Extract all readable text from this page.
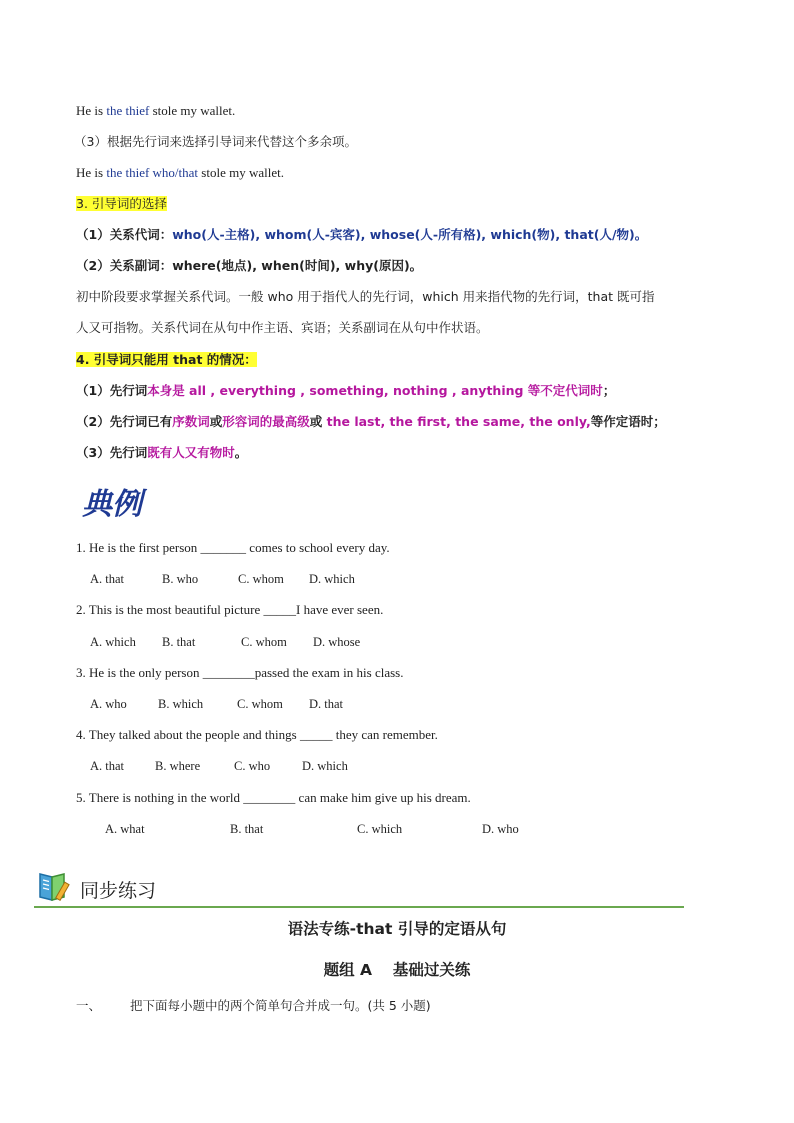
He is the thief stole my wallet.
（3）根据先行词来选择引导词来代替这个多余项。
He is the thief who/that stole my wallet.
3. 引导词的选择
（1）关系代词：who(人-主格), whom(人-宾客), whose(人-所有格), which(物), that(人/物)。
（2）关系副词：where(地点), when(时间), why(原因)。
初中阶段要求掌握关系代词。一般 who 用于指代人的先行词，which 用来指代物的先行词，that 既可指
人又可指物。关系代词在从句中作主语、宾语；关系副词在从句中作状语。
4. 引导词只能用 that 的情况：
（1）先行词本身是 all , everything , something, nothing , anything 等不定代词时；
（2）先行词已有序数词或形容词的最高级或 the last, the first, the same, the only,等作定语时；
（3）先行词既有人又有物时。
典例
1. He is the first person _______ comes to school every day.
A. that	B. who	C. whom D. which
2. This is the most beautiful picture _____I have ever seen.
A. which B. that	C. whom D. whose
3. He is the only person ________passed the exam in his class.
A. who B. which	C. whom D. that
4. They talked about the people and things _____ they can remember.
A. that B. where	C. who	D. which
5. There is nothing in the world ________ can make him give up his dream.
A. what	B. that	C. which	D. who
同步练习
语法专练-that 引导的定语从句
题组 A　 基础过关练
一、 把下面每小题中的两个简单句合并成一句。(共 5 小题)
